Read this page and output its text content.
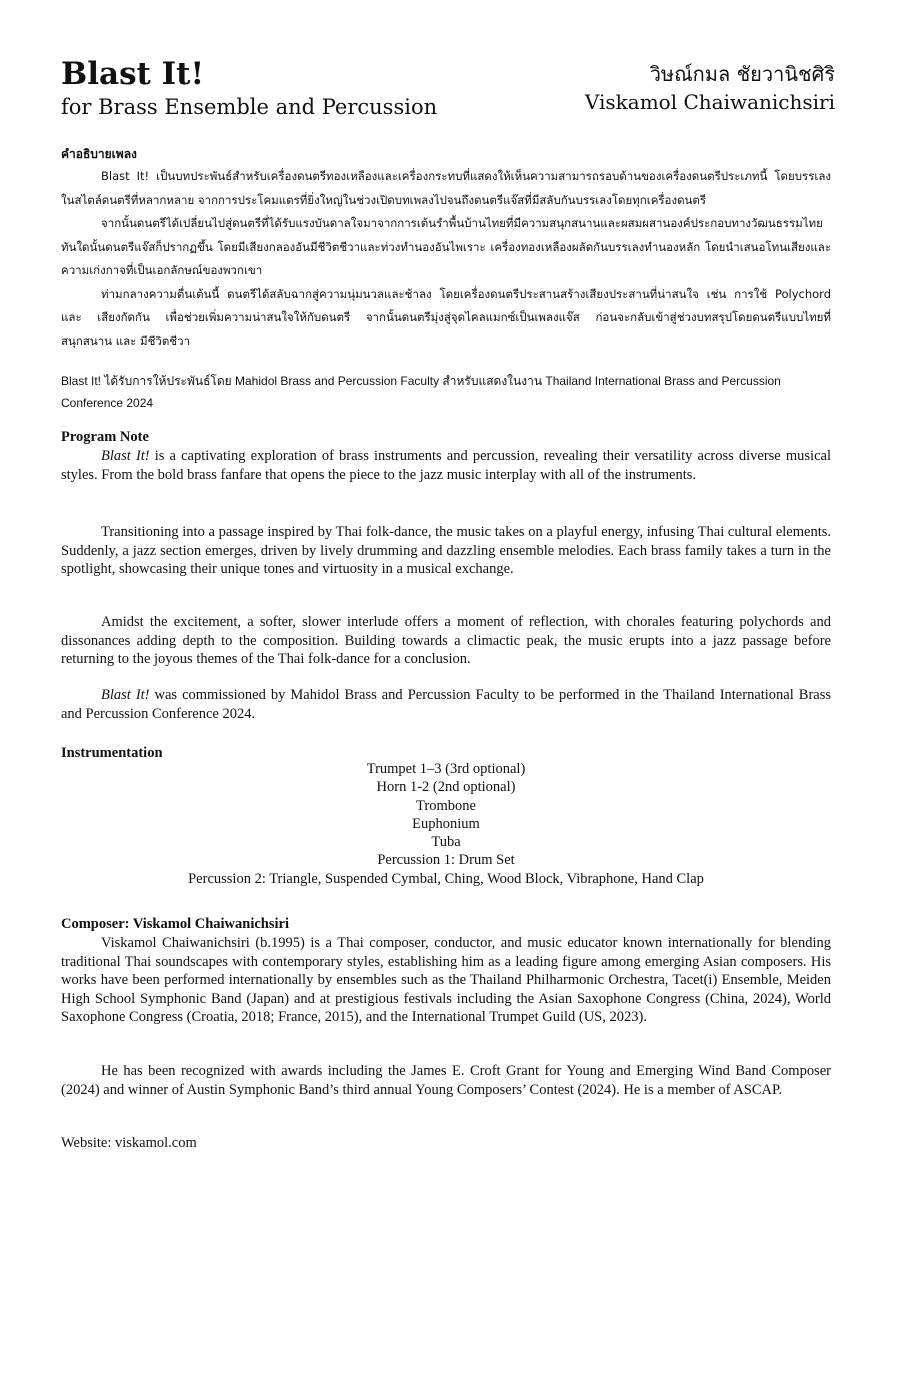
Blast It!
for Brass Ensemble and Percussion
วิษณ์กมล ชัยวานิชศิริ
Viskamol Chaiwanichsiri
คำอธิบายเพลง

Blast It! เป็นบทประพันธ์สำหรับเครื่องดนตรีทองเหลืองและเครื่องกระทบที่แสดงให้เห็นความสามารถรอบด้านของเครื่องดนตรีประเภทนี้ โดยบรรเลงในสไตล์ดนตรีที่หลากหลาย จากการประโคมแตรที่ยิ่งใหญ่ในช่วงเปิดบทเพลงไปจนถึงดนตรีแจ๊สที่มีสลับกันบรรเลงโดยทุกเครื่องดนตรี

จากนั้นดนตรีได้เปลี่ยนไปสู่ดนตรีที่ได้รับแรงบันดาลใจมาจากการเต้นรำพื้นบ้านไทยที่มีความสนุกสนานและผสมผสานองค์ประกอบทางวัฒนธรรมไทย ทันใดนั้นดนตรีแจ๊สก็ปรากฏขึ้น โดยมีเสียงกลองอันมีชีวิตชีวาและท่วงทำนองอันไพเราะ เครื่องทองเหลืองผลัดกันบรรเลงทำนองหลัก โดยนำเสนอโทนเสียงและความเก่งกาจที่เป็นเอกลักษณ์ของพวกเขา

ท่ามกลางความตื่นเต้นนี้ ดนตรีได้สลับฉากสู่ความนุ่มนวลและช้าลง โดยเครื่องดนตรีประสานสร้างเสียงประสานที่น่าสนใจ เช่น การใช้ Polychord และ เสียงกัดกัน เพื่อช่วยเพิ่มความน่าสนใจให้กับดนตรี จากนั้นดนตรีมุ่งสู่จุดไคลแมกซ์เป็นเพลงแจ๊ส ก่อนจะกลับเข้าสู่ช่วงบทสรุปโดยดนตรีแบบไทยที่สนุกสนาน และ มีชีวิตชีวา

Blast It! ได้รับการให้ประพันธ์โดย Mahidol Brass and Percussion Faculty สำหรับแสดงในงาน Thailand International Brass and Percussion Conference 2024
Program Note

Blast It! is a captivating exploration of brass instruments and percussion, revealing their versatility across diverse musical styles. From the bold brass fanfare that opens the piece to the jazz music interplay with all of the instruments.

Transitioning into a passage inspired by Thai folk-dance, the music takes on a playful energy, infusing Thai cultural elements. Suddenly, a jazz section emerges, driven by lively drumming and dazzling ensemble melodies. Each brass family takes a turn in the spotlight, showcasing their unique tones and virtuosity in a musical exchange.

Amidst the excitement, a softer, slower interlude offers a moment of reflection, with chorales featuring polychords and dissonances adding depth to the composition. Building towards a climactic peak, the music erupts into a jazz passage before returning to the joyous themes of the Thai folk-dance for a conclusion.

Blast It! was commissioned by Mahidol Brass and Percussion Faculty to be performed in the Thailand International Brass and Percussion Conference 2024.

Instrumentation
Trumpet 1–3 (3rd optional)
Horn 1-2 (2nd optional)
Trombone
Euphonium
Tuba
Percussion 1: Drum Set
Percussion 2: Triangle, Suspended Cymbal, Ching, Wood Block, Vibraphone, Hand Clap
Composer: Viskamol Chaiwanichsiri

Viskamol Chaiwanichsiri (b.1995) is a Thai composer, conductor, and music educator known internationally for blending traditional Thai soundscapes with contemporary styles, establishing him as a leading figure among emerging Asian composers. His works have been performed internationally by ensembles such as the Thailand Philharmonic Orchestra, Tacet(i) Ensemble, Meiden High School Symphonic Band (Japan) and at prestigious festivals including the Asian Saxophone Congress (China, 2024), World Saxophone Congress (Croatia, 2018; France, 2015), and the International Trumpet Guild (US, 2023).

He has been recognized with awards including the James E. Croft Grant for Young and Emerging Wind Band Composer (2024) and winner of Austin Symphonic Band’s third annual Young Composers’ Contest (2024). He is a member of ASCAP.

Website: viskamol.com
